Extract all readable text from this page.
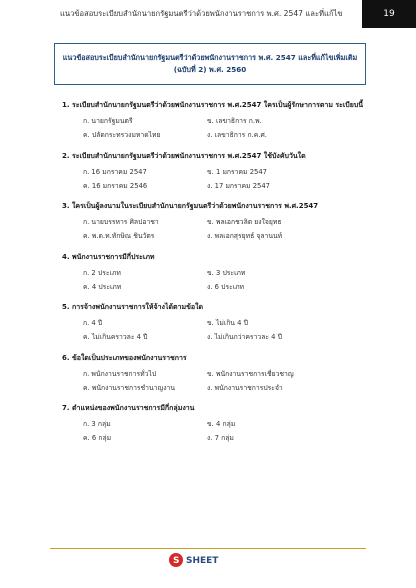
แนวข้อสอบระเบียบสำนักนายกรัฐมนตรีว่าด้วยพนักงานราชการ พ.ศ. 2547 และที่แก้ไข	19
แนวข้อสอบระเบียบสำนักนายกรัฐมนตรีว่าด้วยพนักงานราชการ พ.ศ. 2547 และที่แก้ไขเพิ่มเติม
(ฉบับที่ 2) พ.ศ. 2560
1. ระเบียบสำนักนายกรัฐมนตรีว่าด้วยพนักงานราชการ พ.ศ.2547 ใครเป็นผู้รักษาการตาม ระเบียบนี้
ก. นายกรัฐมนตรี	ข. เลขาธิการ ก.พ.
ค. ปลัดกระทรวงมหาดไทย	ง. เลขาธิการ ก.ค.ศ.
2. ระเบียบสำนักนายกรัฐมนตรีว่าด้วยพนักงานราชการ พ.ศ.2547 ใช้บังคับวันใด
ก. 16 มกราคม 2547	ข. 1 มกราคม 2547
ค. 16 มกราคม 2546	ง. 17 มกราคม 2547
3. ใครเป็นผู้ลงนามในระเบียบสำนักนายกรัฐมนตรีว่าด้วยพนักงานราชการ พ.ศ.2547
ก. นายบรรหาร ศิลปอาชา	ข. พลเอกชวลิต ยงใจยุทธ
ค. พ.ต.ท.ทักษิณ ชินวัตร	ง. พลเอกสุรยุทธ์ จุลานนท์
4. พนักงานราชการมีกี่ประเภท
ก. 2 ประเภท	ข. 3 ประเภท
ค. 4 ประเภท	ง. 6 ประเภท
5. การจ้างพนักงานราชการให้จ้างได้ตามข้อใด
ก. 4 ปี	ข. ไม่เกิน 4 ปี
ค. ไม่เกินคราวละ 4 ปี	ง. ไม่เกินกว่าคราวละ 4 ปี
6. ข้อใดเป็นประเภทของพนักงานราชการ
ก. พนักงานราชการทั่วไป	ข. พนักงานราชการเชี่ยวชาญ
ค. พนักงานราชการชำนาญงาน	ง. พนักงานราชการประจำ
7. ตำแหน่งของพนักงานราชการมีกี่กลุ่มงาน
ก. 3 กลุ่ม	ข. 4 กลุ่ม
ค. 6 กลุ่ม	ง. 7 กลุ่ม
S SHEET
